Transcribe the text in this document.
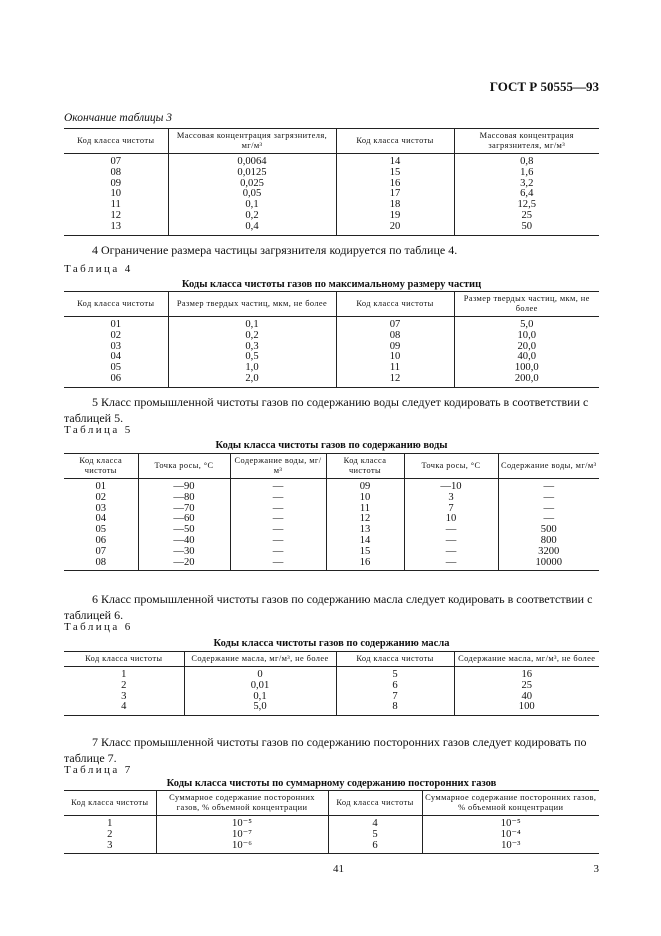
ГОСТ Р 50555—93
Окончание таблицы 3
Код класса чистоты	Массовая концентрация загрязнителя, мг/м³	Код класса чистоты	Массовая концентрация загрязнителя, мг/м³
07	0,0064	14	0,8
08	0,0125	15	1,6
09	0,025	16	3,2
10	0,05	17	6,4
11	0,1	18	12,5
12	0,2	19	25
13	0,4	20	50
4 Ограничение размера частицы загрязнителя кодируется по таблице 4.
Таблица 4
Коды класса чистоты газов по максимальному размеру частиц
Код класса чистоты	Размер твердых частиц, мкм, не более	Код класса чистоты	Размер твердых частиц, мкм, не более
01	0,1	07	5,0
02	0,2	08	10,0
03	0,3	09	20,0
04	0,5	10	40,0
05	1,0	11	100,0
06	2,0	12	200,0
5 Класс промышленной чистоты газов по содержанию воды следует кодировать в соответствии с таблицей 5.
Таблица 5
Коды класса чистоты газов по содержанию воды
Код класса чистоты	Точка росы, °С	Содержание воды, мг/м³	Код класса чистоты	Точка росы, °С	Содержание воды, мг/м³
01	—90	—	09	—10	—
02	—80	—	10	3	—
03	—70	—	11	7	—
04	—60	—	12	10	—
05	—50	—	13	—	500
06	—40	—	14	—	800
07	—30	—	15	—	3200
08	—20	—	16	—	10000
6 Класс промышленной чистоты газов по содержанию масла следует кодировать в соответствии с таблицей 6.
Таблица 6
Коды класса чистоты газов по содержанию масла
Код класса чистоты	Содержание масла, мг/м³, не более	Код класса чистоты	Содержание масла, мг/м³, не более
1	0	5	16
2	0,01	6	25
3	0,1	7	40
4	5,0	8	100
7 Класс промышленной чистоты газов по содержанию посторонних газов следует кодировать по таблице 7.
Таблица 7
Коды класса чистоты по суммарному содержанию посторонних газов
Код класса чистоты	Суммарное содержание посторонних газов, % объемной концентрации	Код класса чистоты	Суммарное содержание посторонних газов, % объемной концентрации
1	10⁻⁵	4	10⁻⁵
2	10⁻⁷	5	10⁻⁴
3	10⁻⁶	6	10⁻³
41	3
